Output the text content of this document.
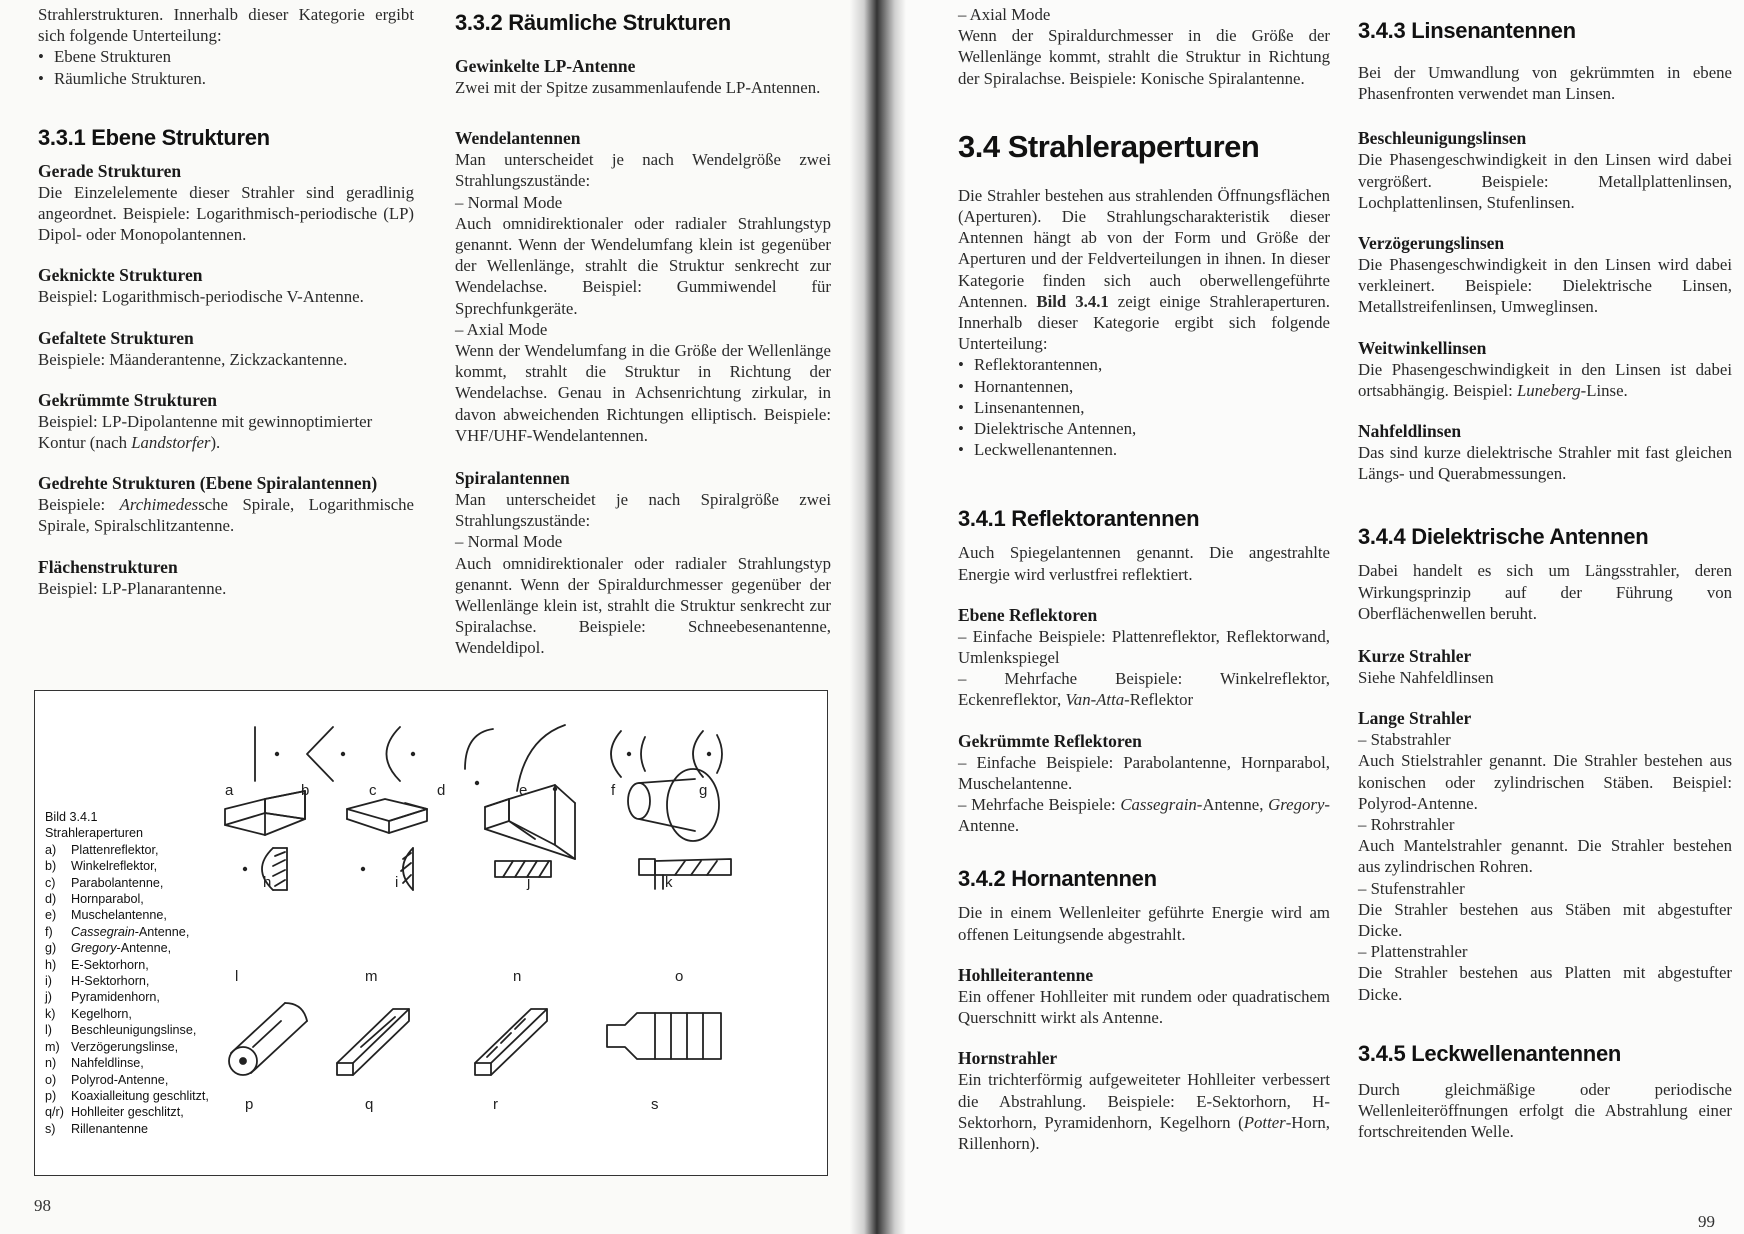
Strahlerstrukturen. Innerhalb dieser Kategorie ergibt sich folgende Unterteilung:

• Ebene Strukturen
• Räumliche Strukturen.
3.3.1 Ebene Strukturen

Gerade Strukturen

Die Einzelelemente dieser Strahler sind geradlinig angeordnet. Beispiele: Logarithmisch-periodische (LP) Dipol- oder Monopolantennen.

Geknickte Strukturen

Beispiel: Logarithmisch-periodische V-Antenne.

Gefaltete Strukturen

Beispiele: Mäanderantenne, Zickzackantenne.

Gekrümmte Strukturen

Beispiel: LP-Dipolantenne mit gewinnoptimierter Kontur (nach Landstorfer).

Gedrehte Strukturen (Ebene Spiralantennen)

Beispiele: Archimedessche Spirale, Logarithmische Spirale, Spiralschlitzantenne.

Flächenstrukturen

Beispiel: LP-Planarantenne.

3.3.2 Räumliche Strukturen

Gewinkelte LP-Antenne

Zwei mit der Spitze zusammenlaufende LP-Antennen.

Wendelantennen

Man unterscheidet je nach Wendelgröße zwei Strahlungszustände:

– Normal Mode

Auch omnidirektionaler oder radialer Strahlungstyp genannt. Wenn der Wendelumfang klein ist gegenüber der Wellenlänge, strahlt die Struktur senkrecht zur Wendelachse. Beispiel: Gummiwendel für Sprechfunkgeräte.

– Axial Mode

Wenn der Wendelumfang in die Größe der Wellenlänge kommt, strahlt die Struktur in Richtung der Wendelachse. Genau in Achsenrichtung zirkular, in davon abweichenden Richtungen elliptisch. Beispiele: VHF/UHF-Wendelantennen.

Spiralantennen

Man unterscheidet je nach Spiralgröße zwei Strahlungszustände:

– Normal Mode

Auch omnidirektionaler oder radialer Strahlungstyp genannt. Wenn der Spiraldurchmesser gegenüber der Wellenlänge klein ist, strahlt die Struktur senkrecht zur Spiralachse. Beispiele: Schneebesenantenne, Wendeldipol.

Bild 3.4.1
Strahleraperturen
a)	Plattenreflektor,
b)	Winkelreflektor,
c)	Parabolantenne,
d)	Hornparabol,
e)	Muschelantenne,
f)	Cassegrain-Antenne,
g)	Gregory-Antenne,
h)	E-Sektorhorn,
i)	H-Sektorhorn,
j)	Pyramidenhorn,
k)	Kegelhorn,
l)	Beschleunigungslinse,
m) Verzögerungslinse,
n)	Nahfeldlinse,
o)	Polyrod-Antenne,
p)	Koaxialleitung geschlitzt,
q/r) Hohlleiter geschlitzt,
s)	Rillenantenne
a	b	c	d	e	f	g
h	i	j	k
l	m	n	o
p	q	r	s
98

– Axial Mode

Wenn der Spiraldurchmesser in die Größe der Wellenlänge kommt, strahlt die Struktur in Richtung der Spiralachse. Beispiele: Konische Spiralantenne.

3.4 Strahleraperturen

Die Strahler bestehen aus strahlenden Öffnungsflächen (Aperturen). Die Strahlungscharakteristik dieser Antennen hängt ab von der Form und Größe der Aperturen und der Feldverteilungen in ihnen. In dieser Kategorie finden sich auch oberwellengeführte Antennen. Bild 3.4.1 zeigt einige Strahleraperturen. Innerhalb dieser Kategorie ergibt sich folgende Unterteilung:

• Reflektorantennen,
• Hornantennen,
• Linsenantennen,
• Dielektrische Antennen,
• Leckwellenantennen.
3.4.1 Reflektorantennen

Auch Spiegelantennen genannt. Die angestrahlte Energie wird verlustfrei reflektiert.

Ebene Reflektoren

– Einfache Beispiele: Plattenreflektor, Reflektorwand, Umlenkspiegel

– Mehrfache Beispiele: Winkelreflektor, Eckenreflektor, Van-Atta-Reflektor

Gekrümmte Reflektoren

– Einfache Beispiele: Parabolantenne, Hornparabol, Muschelantenne.

– Mehrfache Beispiele: Cassegrain-Antenne, Gregory-Antenne.

3.4.2 Hornantennen

Die in einem Wellenleiter geführte Energie wird am offenen Leitungsende abgestrahlt.

Hohlleiterantenne

Ein offener Hohlleiter mit rundem oder quadratischem Querschnitt wirkt als Antenne.

Hornstrahler

Ein trichterförmig aufgeweiteter Hohlleiter verbessert die Abstrahlung. Beispiele: E-Sektorhorn, H-Sektorhorn, Pyramidenhorn, Kegelhorn (Potter-Horn, Rillenhorn).

3.4.3 Linsenantennen

Bei der Umwandlung von gekrümmten in ebene Phasenfronten verwendet man Linsen.

Beschleunigungslinsen

Die Phasengeschwindigkeit in den Linsen wird dabei vergrößert. Beispiele: Metallplattenlinsen, Lochplattenlinsen, Stufenlinsen.

Verzögerungslinsen

Die Phasengeschwindigkeit in den Linsen wird dabei verkleinert. Beispiele: Dielektrische Linsen, Metallstreifenlinsen, Umweglinsen.

Weitwinkellinsen

Die Phasengeschwindigkeit in den Linsen ist dabei ortsabhängig. Beispiel: Luneberg-Linse.

Nahfeldlinsen

Das sind kurze dielektrische Strahler mit fast gleichen Längs- und Querabmessungen.

3.4.4 Dielektrische Antennen

Dabei handelt es sich um Längsstrahler, deren Wirkungsprinzip auf der Führung von Oberflächenwellen beruht.

Kurze Strahler

Siehe Nahfeldlinsen

Lange Strahler

– Stabstrahler

Auch Stielstrahler genannt. Die Strahler bestehen aus konischen oder zylindrischen Stäben. Beispiel: Polyrod-Antenne.

– Rohrstrahler

Auch Mantelstrahler genannt. Die Strahler bestehen aus zylindrischen Rohren.

– Stufenstrahler

Die Strahler bestehen aus Stäben mit abgestufter Dicke.

– Plattenstrahler

Die Strahler bestehen aus Platten mit abgestufter Dicke.

3.4.5 Leckwellenantennen

Durch gleichmäßige oder periodische Wellenleiteröffnungen erfolgt die Abstrahlung einer fortschreitenden Welle.

99
